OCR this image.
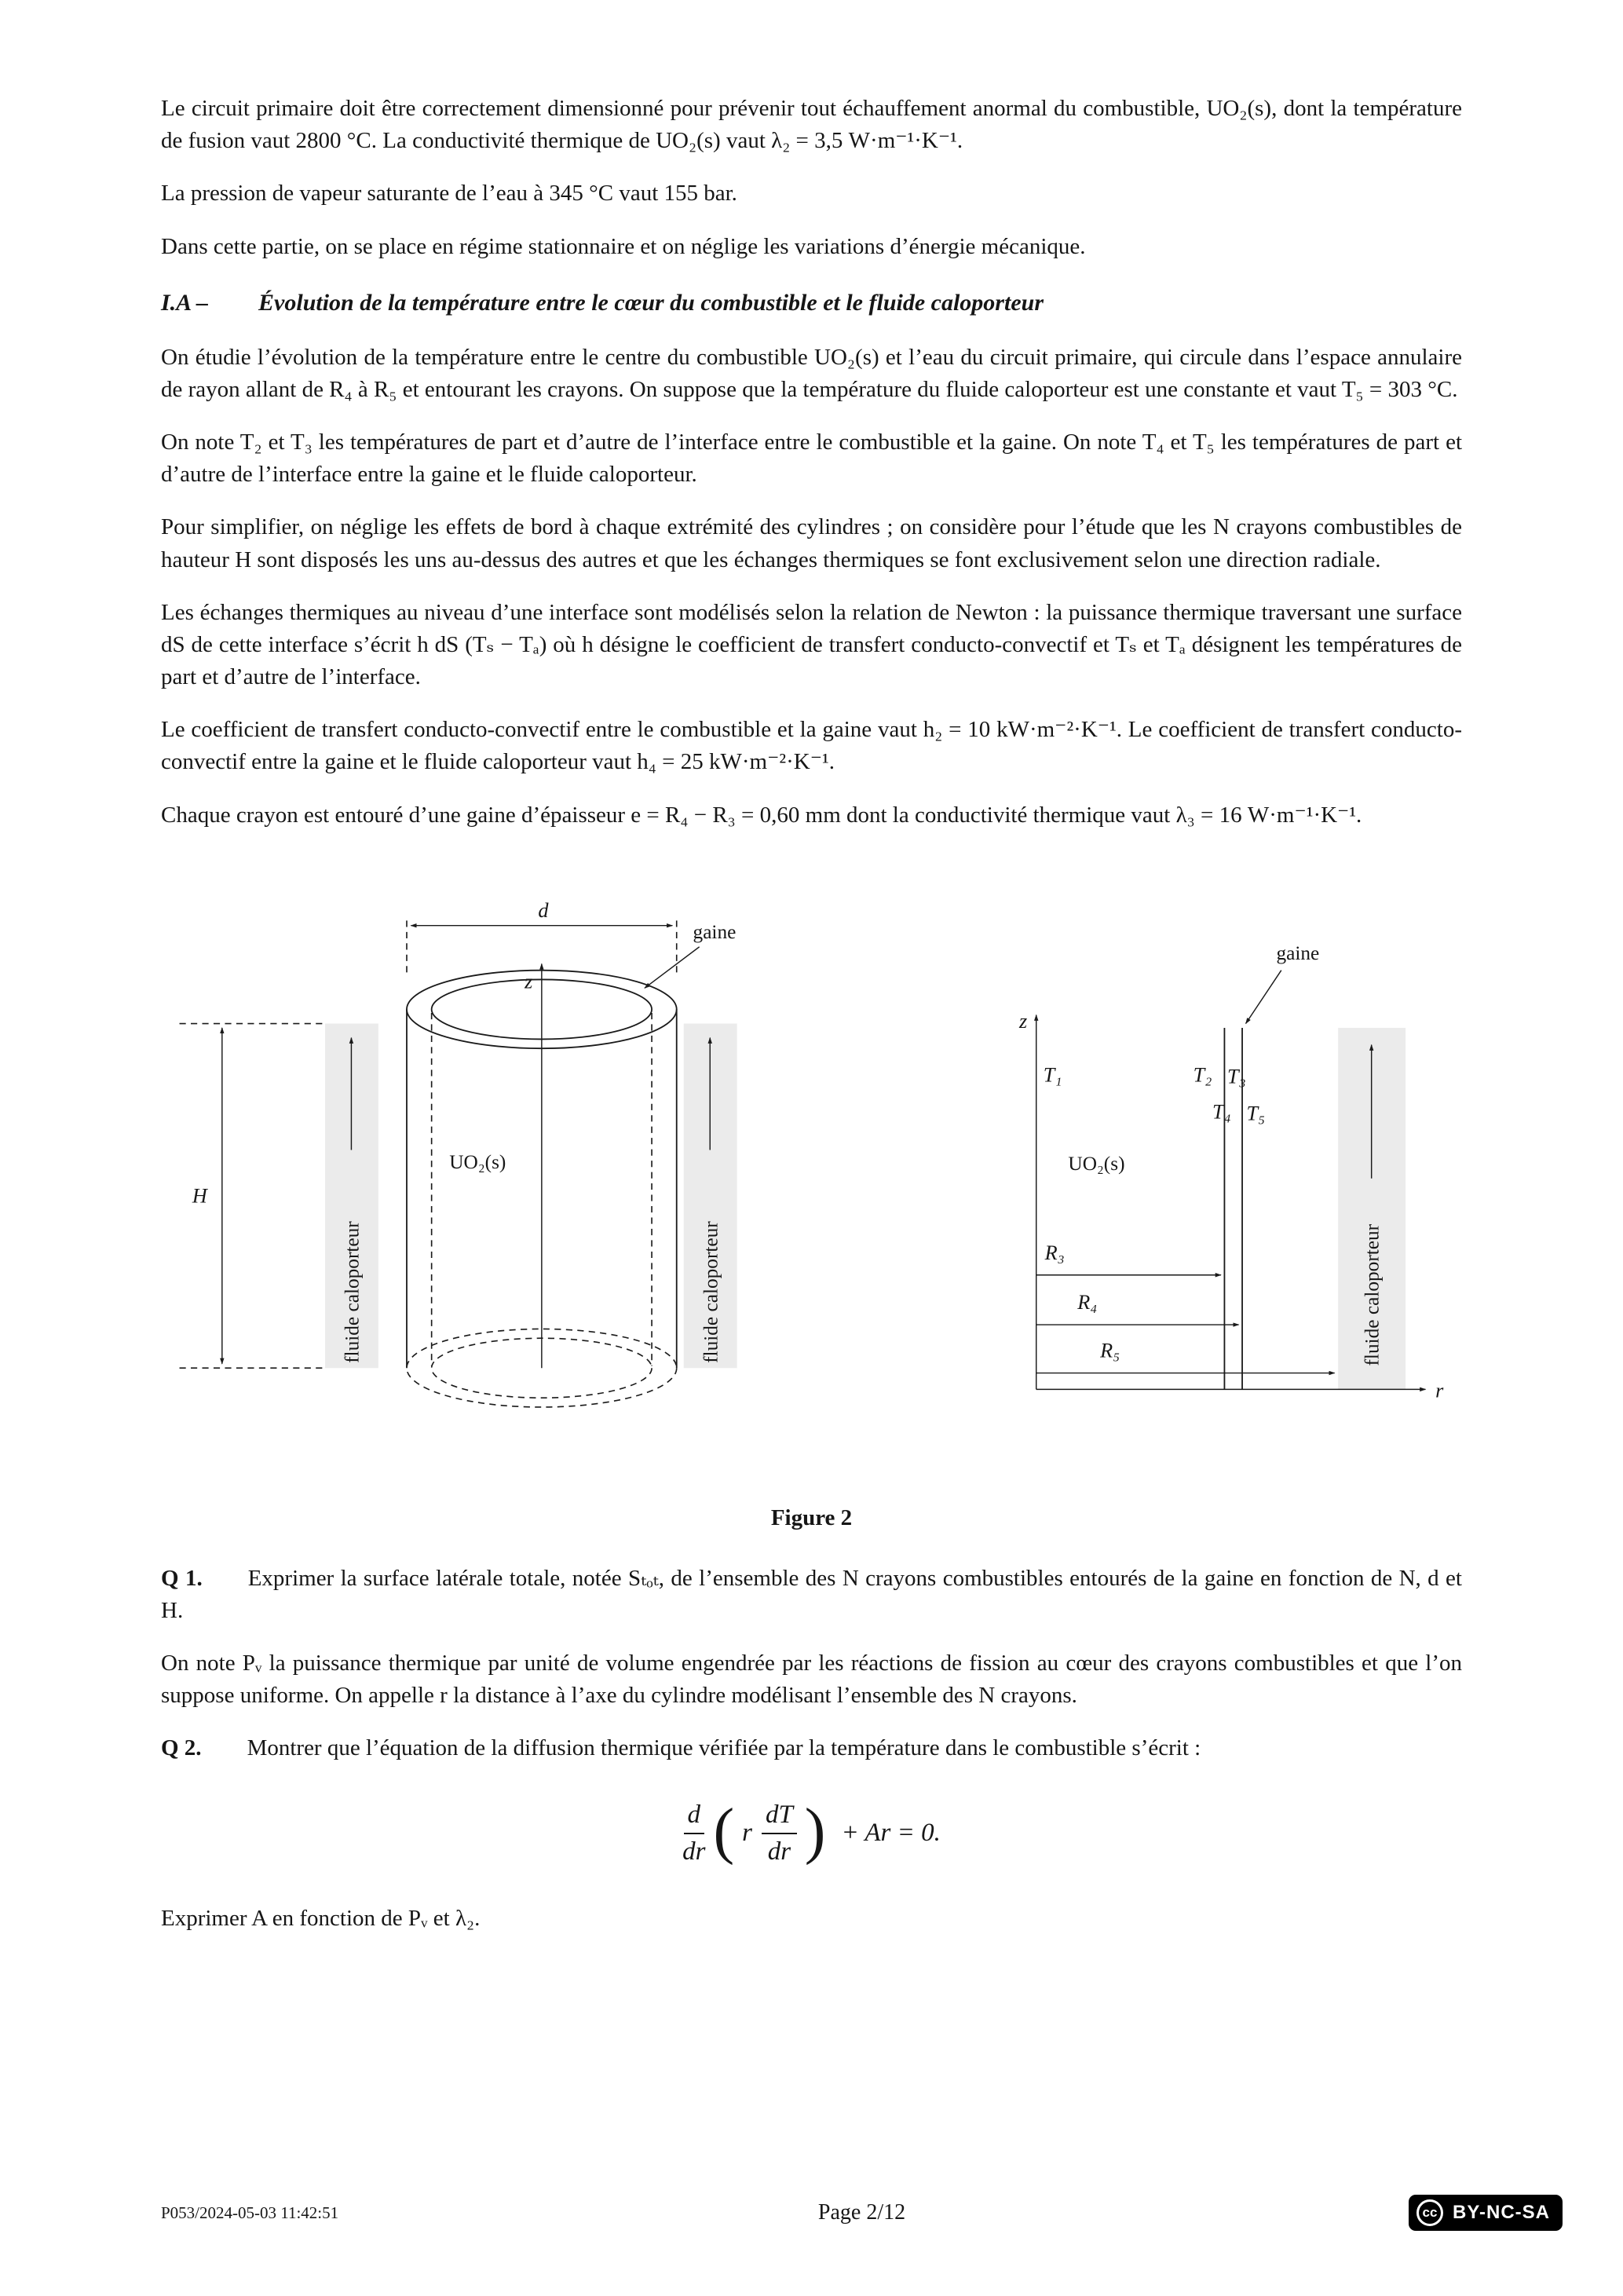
Le circuit primaire doit être correctement dimensionné pour prévenir tout échauffement anormal du combustible, UO₂(s), dont la température de fusion vaut 2800 °C. La conductivité thermique de UO₂(s) vaut λ₂ = 3,5 W·m⁻¹·K⁻¹.

La pression de vapeur saturante de l’eau à 345 °C vaut 155 bar.

Dans cette partie, on se place en régime stationnaire et on néglige les variations d’énergie mécanique.

I.A – Évolution de la température entre le cœur du combustible et le fluide caloporteur

On étudie l’évolution de la température entre le centre du combustible UO₂(s) et l’eau du circuit primaire, qui circule dans l’espace annulaire de rayon allant de R₄ à R₅ et entourant les crayons. On suppose que la température du fluide caloporteur est une constante et vaut T₅ = 303 °C.

On note T₂ et T₃ les températures de part et d’autre de l’interface entre le combustible et la gaine. On note T₄ et T₅ les températures de part et d’autre de l’interface entre la gaine et le fluide caloporteur.

Pour simplifier, on néglige les effets de bord à chaque extrémité des cylindres ; on considère pour l’étude que les N crayons combustibles de hauteur H sont disposés les uns au-dessus des autres et que les échanges thermiques se font exclusivement selon une direction radiale.

Les échanges thermiques au niveau d’une interface sont modélisés selon la relation de Newton : la puissance thermique traversant une surface dS de cette interface s’écrit h dS (Tₛ − Tₐ) où h désigne le coefficient de transfert conducto-convectif et Tₛ et Tₐ désignent les températures de part et d’autre de l’interface.

Le coefficient de transfert conducto-convectif entre le combustible et la gaine vaut h₂ = 10 kW·m⁻²·K⁻¹. Le coefficient de transfert conducto-convectif entre la gaine et le fluide caloporteur vaut h₄ = 25 kW·m⁻²·K⁻¹.

Chaque crayon est entouré d’une gaine d’épaisseur e = R₄ − R₃ = 0,60 mm dont la conductivité thermique vaut λ₃ = 16 W·m⁻¹·K⁻¹.

fluide caloporteur	fluide caloporteur
H
d
gaine
z
UO₂(s)
fluide caloporteur
gaine
z
r
T₁	T₂ T₃
T₄ T₅
UO₂(s)
R₃
R₄
R₅
Figure 2

Q 1. Exprimer la surface latérale totale, notée Sₜₒₜ, de l’ensemble des N crayons combustibles entourés de la gaine en fonction de N, d et H.

On note Pᵥ la puissance thermique par unité de volume engendrée par les réactions de fission au cœur des crayons combustibles et que l’on suppose uniforme. On appelle r la distance à l’axe du cylindre modélisant l’ensemble des N crayons.

Q 2. Montrer que l’équation de la diffusion thermique vérifiée par la température dans le combustible s’écrit :

$\frac{d}{dr}$ ( r $\frac{dT}{dr}$ ) + Ar = 0.

Exprimer A en fonction de Pᵥ et λ₂.

P053/2024-05-03 11:42:51	Page 2/12	cc BY-NC-SA
